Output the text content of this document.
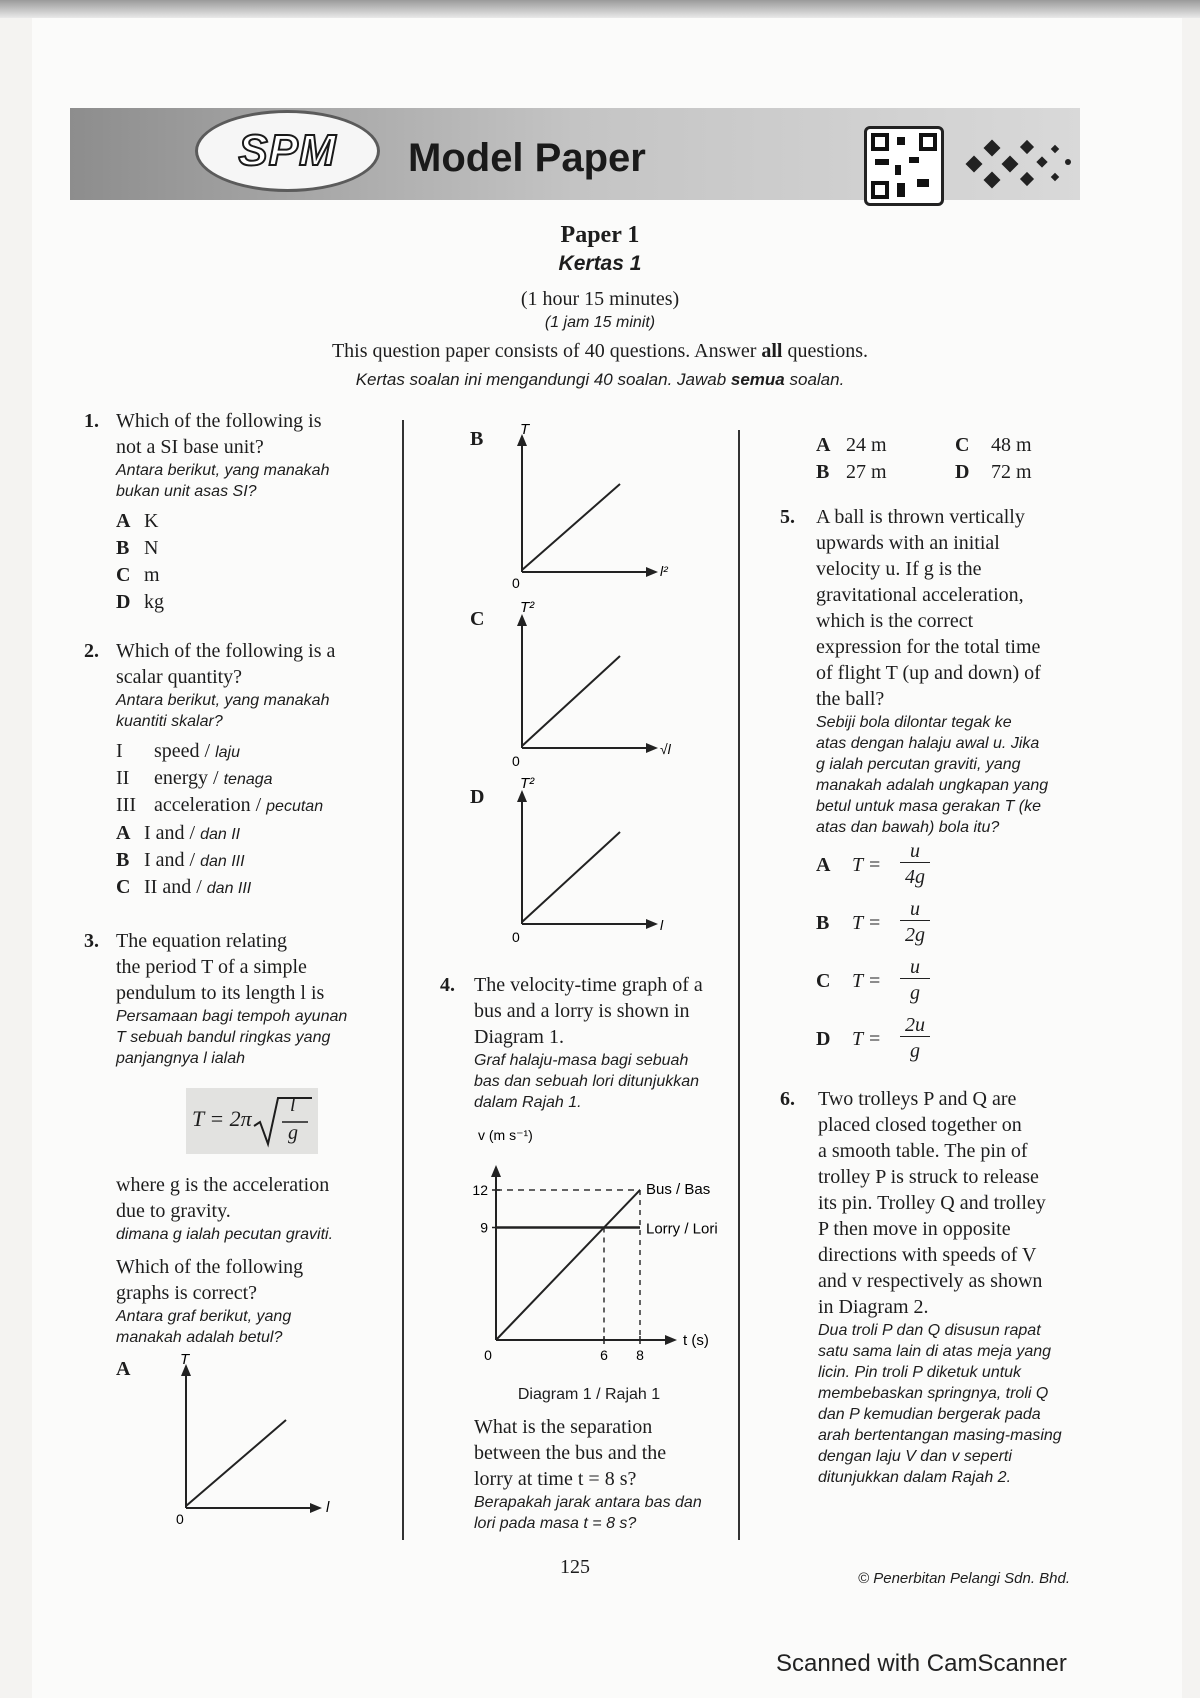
SPM	Model Paper
Paper 1
Kertas 1
(1 hour 15 minutes)
(1 jam 15 minit)
This question paper consists of 40 questions. Answer all questions.
Kertas soalan ini mengandungi 40 soalan. Jawab semua soalan.
1. Which of the following is
not a SI base unit?
Antara berikut, yang manakah
bukan unit asas SI?
A K
B N
C m
D kg
2. Which of the following is a
scalar quantity?
Antara berikut, yang manakah
kuantiti skalar?
I speed / laju
II energy / tenaga
III acceleration / pecutan
A I and / dan II
B I and / dan III
C II and / dan III
3. The equation relating
the period T of a simple
pendulum to its length l is
Persamaan bagi tempoh ayunan
T sebuah bandul ringkas yang
panjangnya l ialah
T = 2π
l
g
where g is the acceleration
due to gravity.
dimana g ialah pecutan graviti.
Which of the following
graphs is correct?
Antara graf berikut, yang
manakah adalah betul?
A	T
l
0
B T
l²
0
C
T²
√l
0
D
T²
l
0
4. The velocity-time graph of a
bus and a lorry is shown in
Diagram 1.
Graf halaju-masa bagi sebuah
bas dan sebuah lori ditunjukkan
dalam Rajah 1.
v (m s⁻¹)
t (s)
Bus / Bas
Lorry / Lori
9
12
0	6 8
Diagram 1 / Rajah 1
What is the separation
between the bus and the
lorry at time t = 8 s?
Berapakah jarak antara bas dan
lori pada masa t = 8 s?
A 24 m	C 48 m
B 27 m	D 72 m
5. A ball is thrown vertically
upwards with an initial
velocity u. If g is the
gravitational acceleration,
which is the correct
expression for the total time
of flight T (up and down) of
the ball?
Sebiji bola dilontar tegak ke
atas dengan halaju awal u. Jika
g ialah percutan graviti, yang
manakah adalah ungkapan yang
betul untuk masa gerakan T (ke
atas dan bawah) bola itu?
A T =
u
4g
B T =
u
2g
C T =
u
g
D T =
2u
g
6. Two trolleys P and Q are
placed closed together on
a smooth table. The pin of
trolley P is struck to release
its pin. Trolley Q and trolley
P then move in opposite
directions with speeds of V
and v respectively as shown
in Diagram 2.
Dua troli P dan Q disusun rapat
satu sama lain di atas meja yang
licin. Pin troli P diketuk untuk
membebaskan springnya, troli Q
dan P kemudian bergerak pada
arah bertentangan masing-masing
dengan laju V dan v seperti
ditunjukkan dalam Rajah 2.
125
© Penerbitan Pelangi Sdn. Bhd.
Scanned with CamScanner
